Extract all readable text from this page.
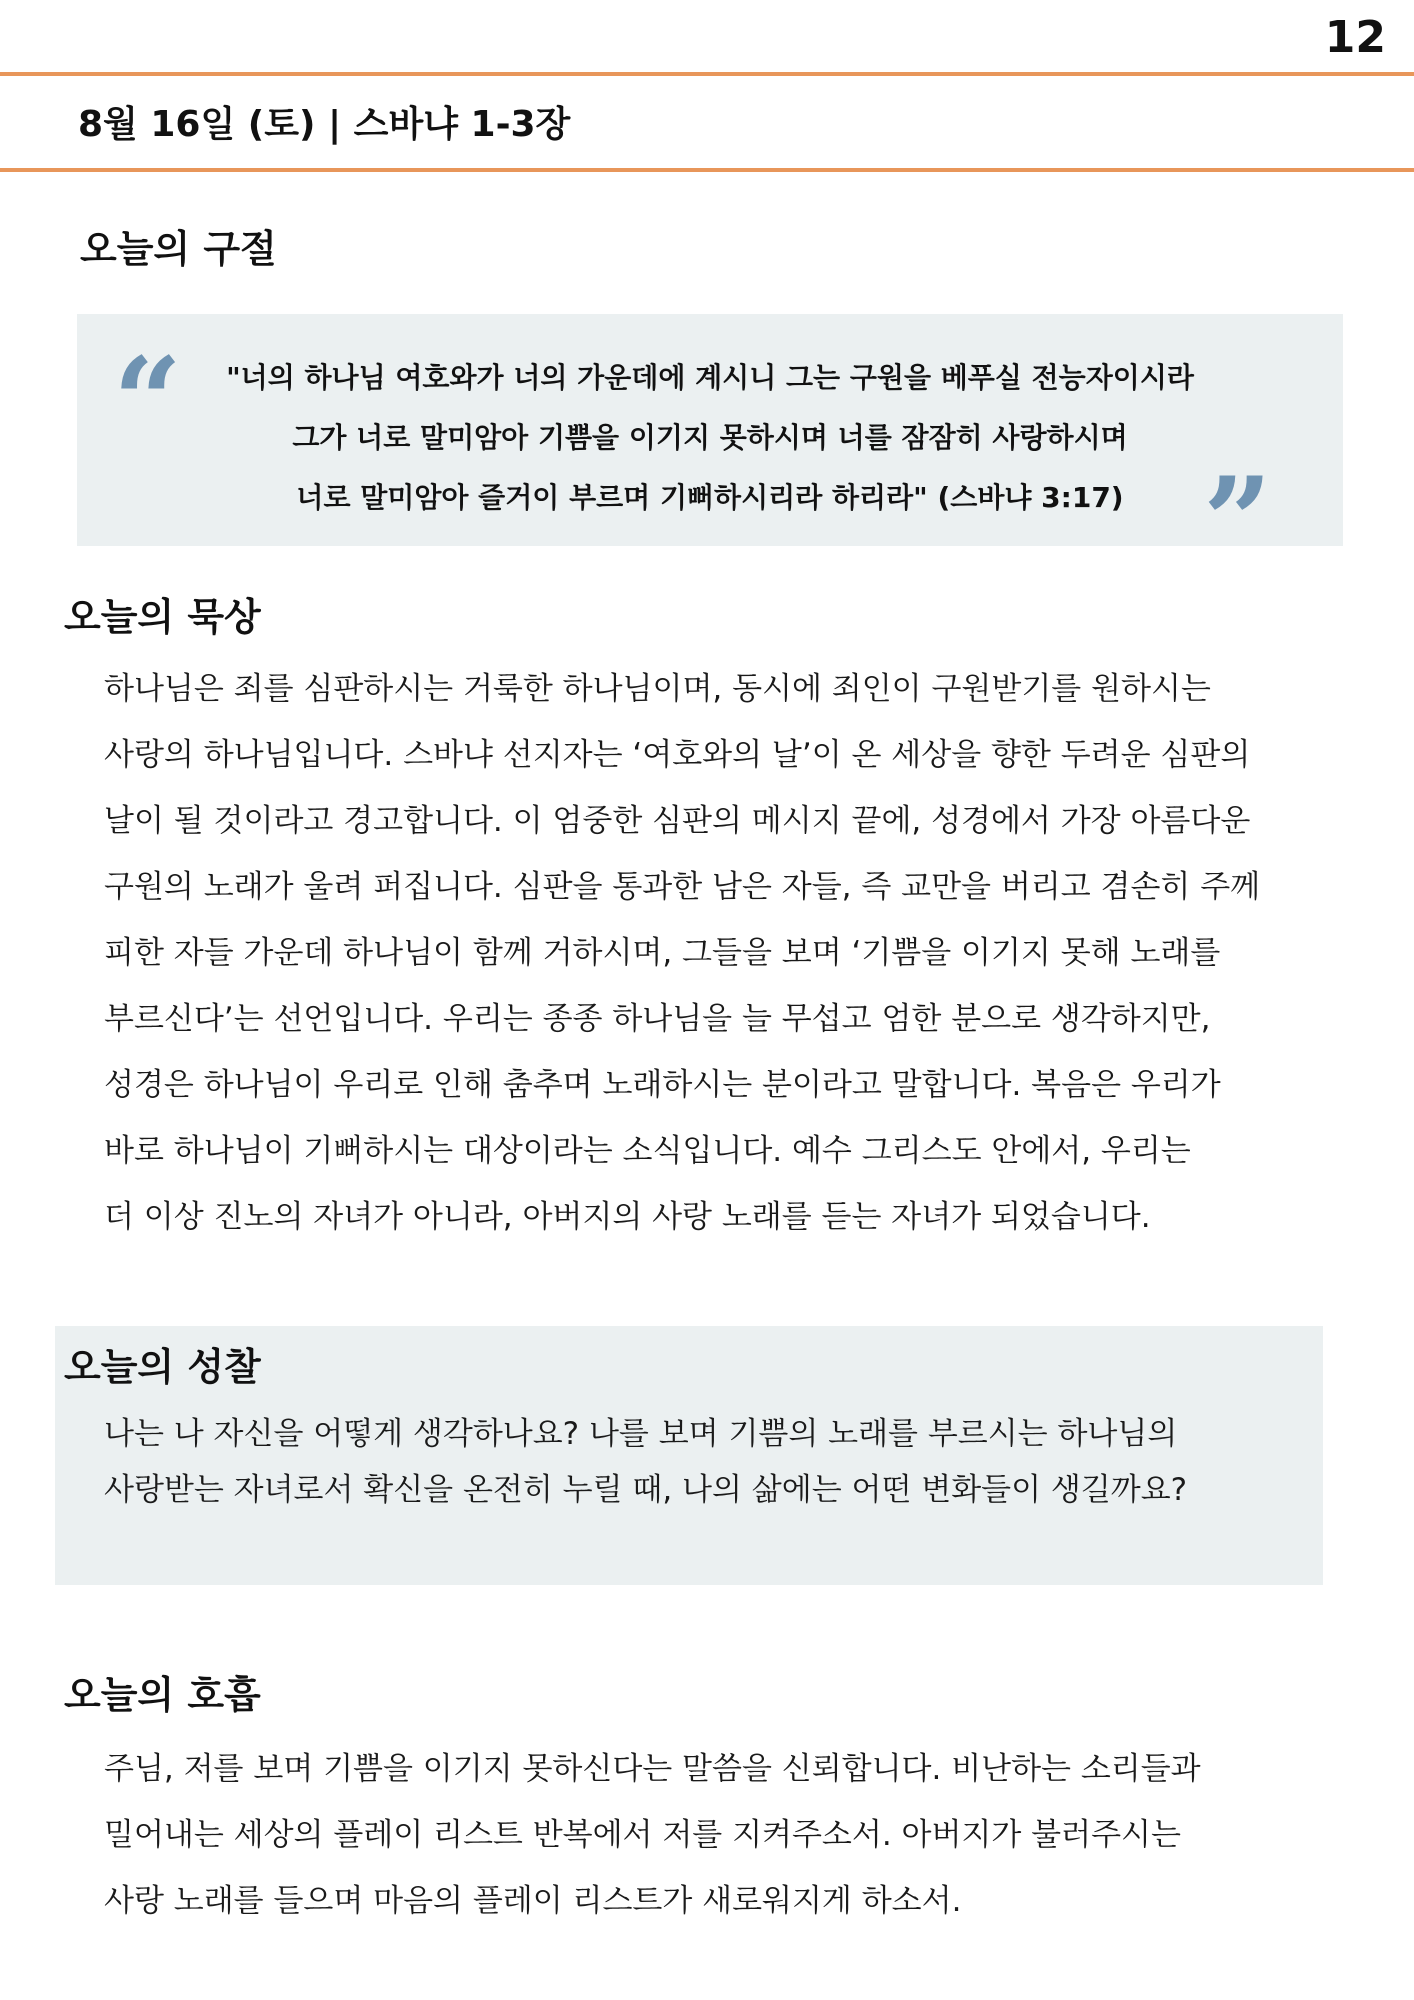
12
8월 16일 (토) | 스바냐 1-3장
오늘의 구절
“	"너의 하나님 여호와가 너의 가운데에 계시니 그는 구원을 베푸실 전능자이시라
그가 너로 말미암아 기쁨을 이기지 못하시며 너를 잠잠히 사랑하시며
너로 말미암아 즐거이 부르며 기뻐하시리라 하리라" (스바냐 3:17) ”
오늘의 묵상

하나님은 죄를 심판하시는 거룩한 하나님이며, 동시에 죄인이 구원받기를 원하시는

사랑의 하나님입니다. 스바냐 선지자는 ‘여호와의 날’이 온 세상을 향한 두려운 심판의

날이 될 것이라고 경고합니다. 이 엄중한 심판의 메시지 끝에, 성경에서 가장 아름다운

구원의 노래가 울려 퍼집니다. 심판을 통과한 남은 자들, 즉 교만을 버리고 겸손히 주께

피한 자들 가운데 하나님이 함께 거하시며, 그들을 보며 ‘기쁨을 이기지 못해 노래를

부르신다’는 선언입니다. 우리는 종종 하나님을 늘 무섭고 엄한 분으로 생각하지만,

성경은 하나님이 우리로 인해 춤추며 노래하시는 분이라고 말합니다. 복음은 우리가

바로 하나님이 기뻐하시는 대상이라는 소식입니다. 예수 그리스도 안에서, 우리는

더 이상 진노의 자녀가 아니라, 아버지의 사랑 노래를 듣는 자녀가 되었습니다.

오늘의 성찰

나는 나 자신을 어떻게 생각하나요? 나를 보며 기쁨의 노래를 부르시는 하나님의

사랑받는 자녀로서 확신을 온전히 누릴 때, 나의 삶에는 어떤 변화들이 생길까요?

오늘의 호흡

주님, 저를 보며 기쁨을 이기지 못하신다는 말씀을 신뢰합니다. 비난하는 소리들과

밀어내는 세상의 플레이 리스트 반복에서 저를 지켜주소서. 아버지가 불러주시는

사랑 노래를 들으며 마음의 플레이 리스트가 새로워지게 하소서.
